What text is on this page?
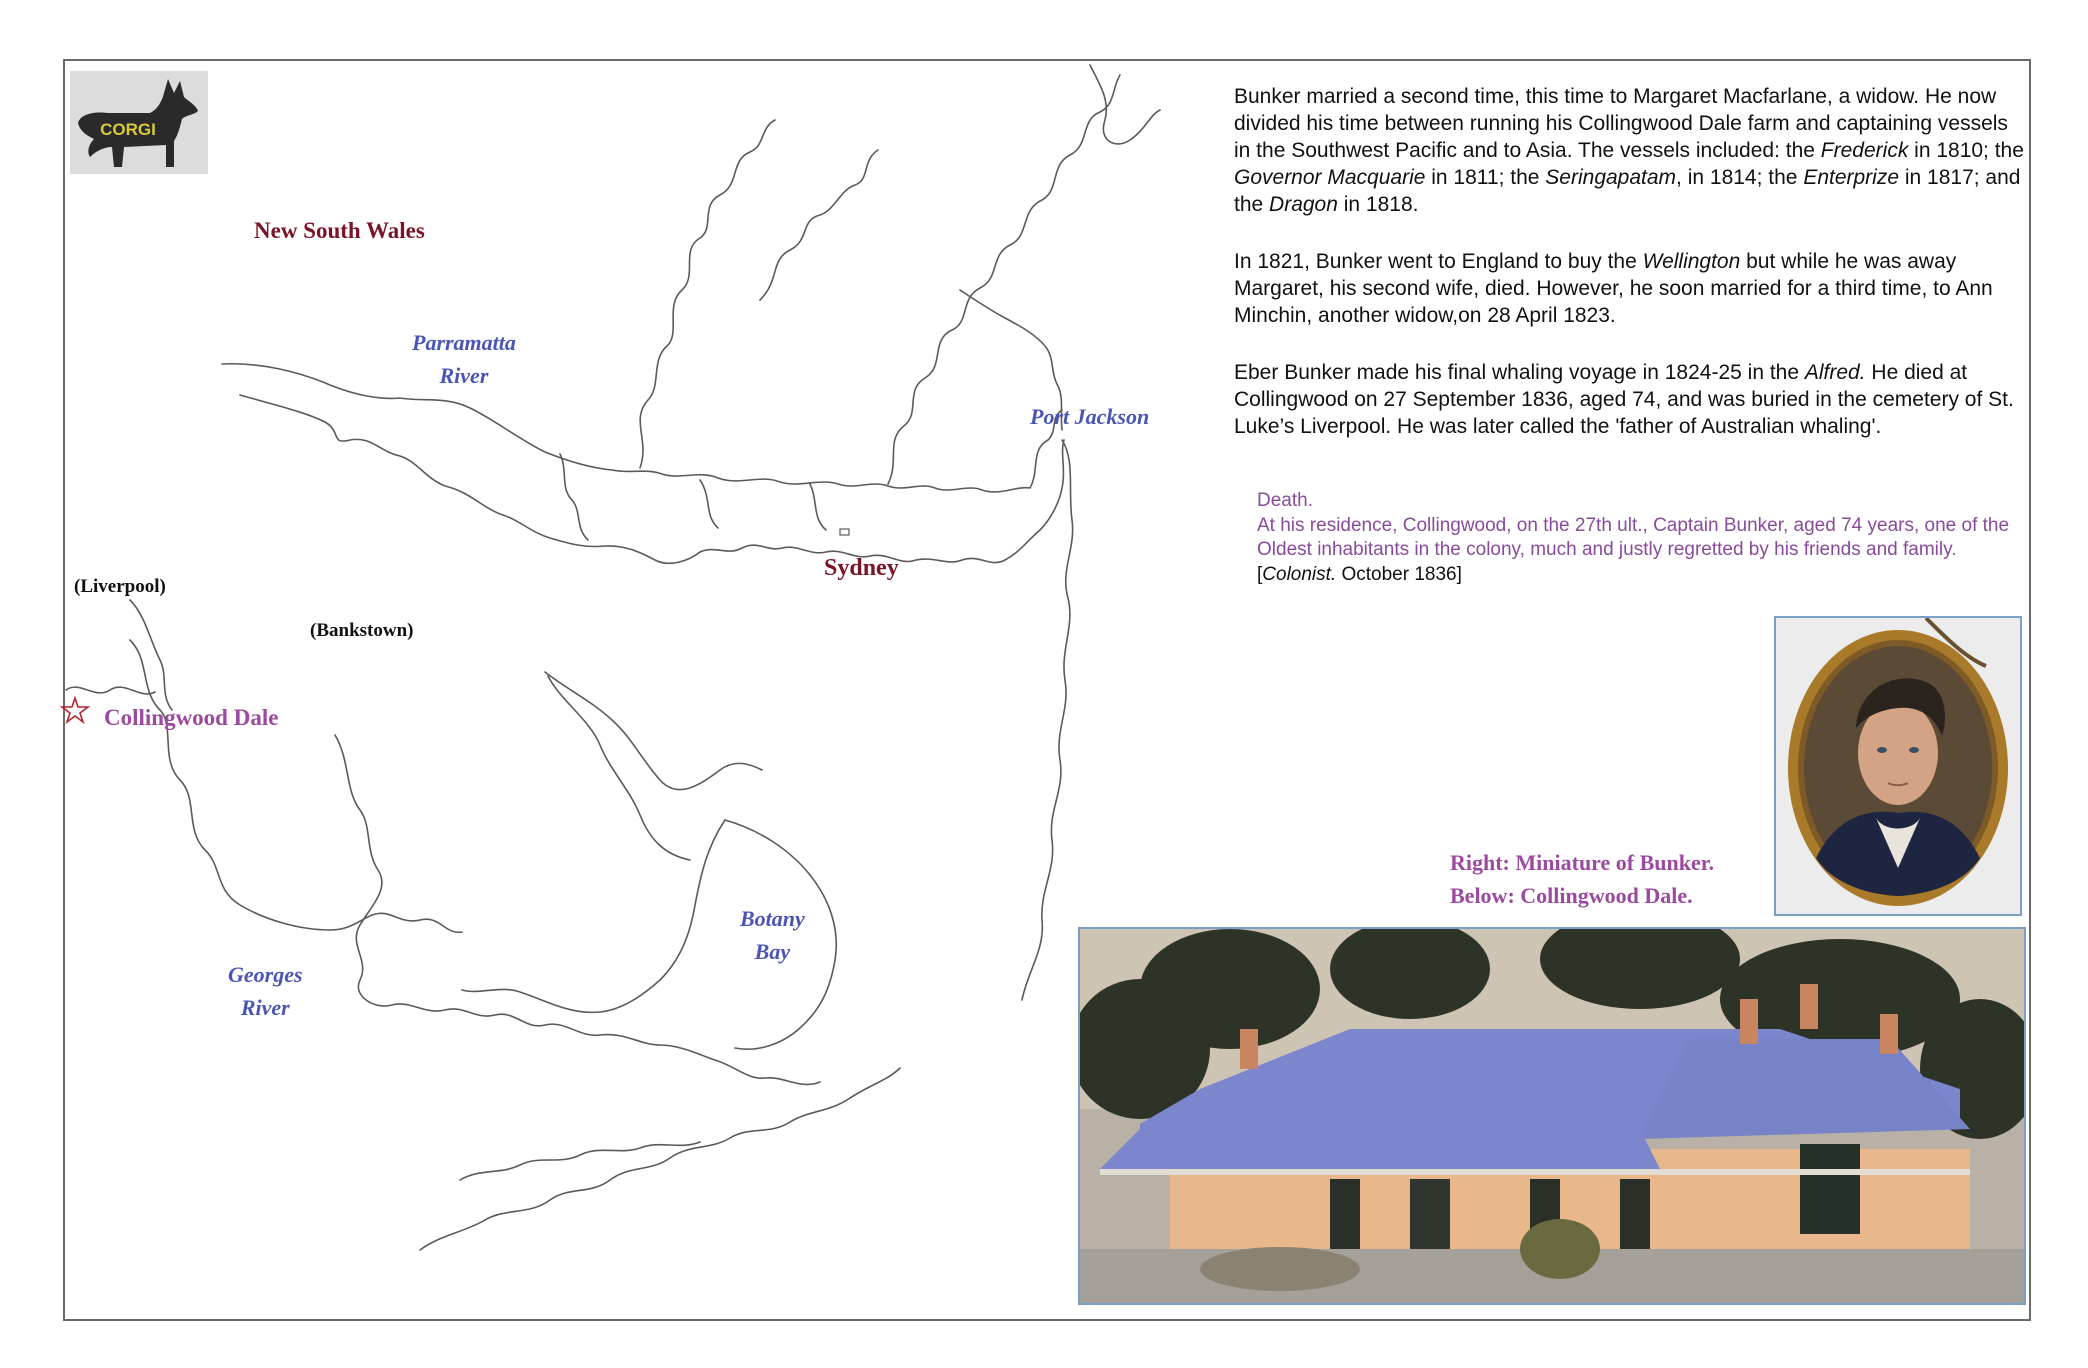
New South Wales
Parramatta
River
Port Jackson
(Liverpool)
(Bankstown)
Sydney
Collingwood Dale
Botany
Bay
Georges
River
CORGI

Bunker married a second time, this time to Margaret Macfarlane, a widow. He now divided his time between running his Collingwood Dale farm and captaining vessels in the Southwest Pacific and to Asia. The vessels included: the Frederick in 1810; the Governor Macquarie in 1811; the Seringapatam, in 1814; the Enterprize in 1817; and the Dragon in 1818.

In 1821, Bunker went to England to buy the Wellington but while he was away Margaret, his second wife, died. However, he soon married for a third time, to Ann Minchin, another widow,on 28 April 1823.

Eber Bunker made his final whaling voyage in 1824-25 in the Alfred. He died at Collingwood on 27 September 1836, aged 74, and was buried in the cemetery of St. Luke’s Liverpool. He was later called the 'father of Australian whaling'.

Death.
At his residence, Collingwood, on the 27th ult., Captain Bunker, aged 74 years, one of the Oldest inhabitants in the colony, much and justly regretted by his friends and family. [Colonist. October 1836]
Right: Miniature of Bunker.
Below: Collingwood Dale.
